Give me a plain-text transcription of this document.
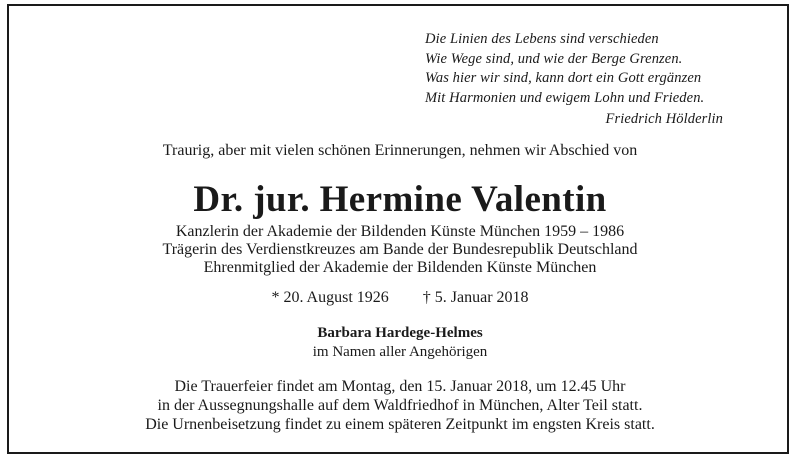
Die Linien des Lebens sind verschieden
Wie Wege sind, und wie der Berge Grenzen.
Was hier wir sind, kann dort ein Gott ergänzen
Mit Harmonien und ewigem Lohn und Frieden.
Friedrich Hölderlin
Traurig, aber mit vielen schönen Erinnerungen, nehmen wir Abschied von
Dr. jur. Hermine Valentin
Kanzlerin der Akademie der Bildenden Künste München 1959 – 1986
Trägerin des Verdienstkreuzes am Bande der Bundesrepublik Deutschland
Ehrenmitglied der Akademie der Bildenden Künste München
* 20. August 1926 † 5. Januar 2018
Barbara Hardege-Helmes
im Namen aller Angehörigen
Die Trauerfeier findet am Montag, den 15. Januar 2018, um 12.45 Uhr
in der Aussegnungshalle auf dem Waldfriedhof in München, Alter Teil statt.
Die Urnenbeisetzung findet zu einem späteren Zeitpunkt im engsten Kreis statt.
